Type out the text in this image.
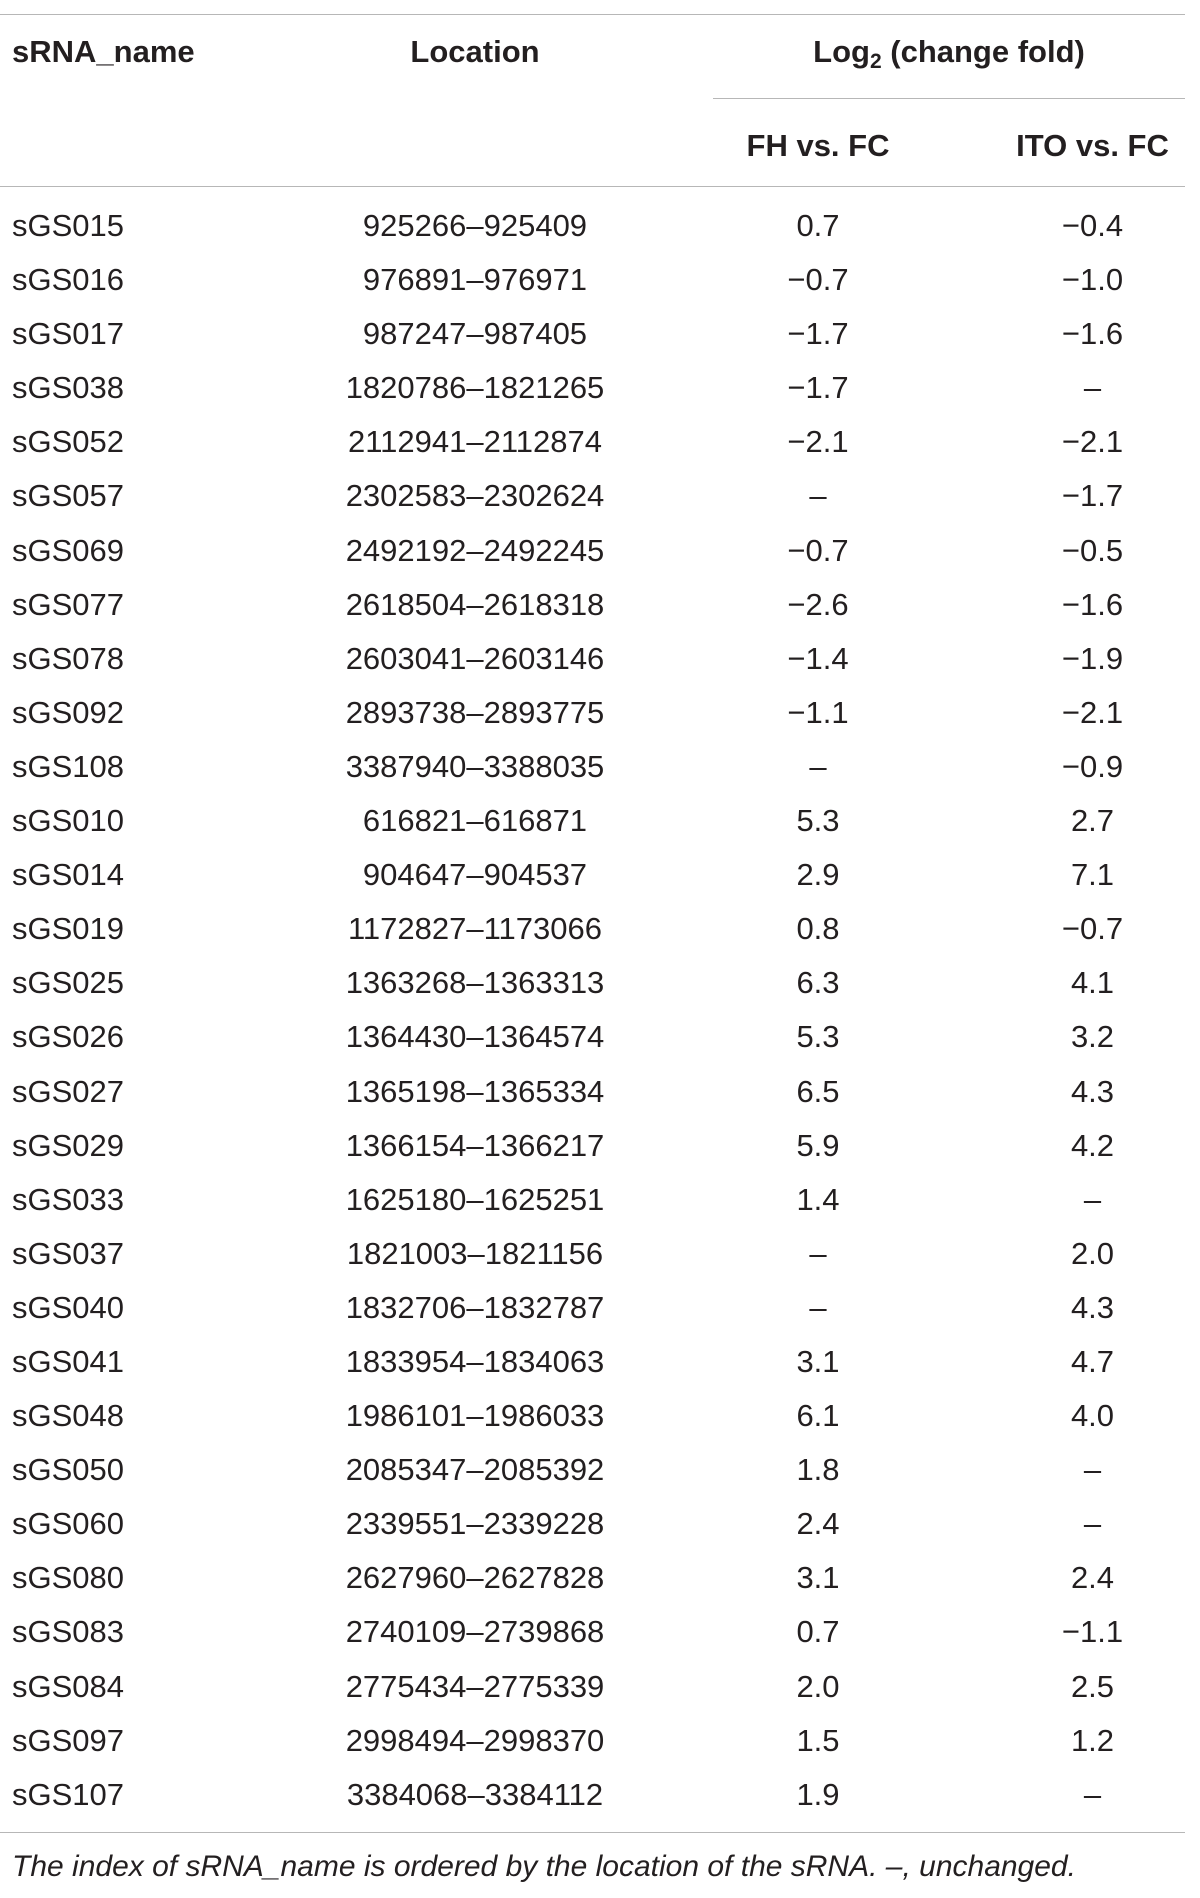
sRNA_name	Location	Log$_2$ (change fold)
FH vs. FC	ITO vs. FC
sGS015	925266–925409	0.7	−0.4
sGS016	976891–976971	−0.7	−1.0
sGS017	987247–987405	−1.7	−1.6
sGS038	1820786–1821265	−1.7	–
sGS052	2112941–2112874	−2.1	−2.1
sGS057	2302583–2302624	–	−1.7
sGS069	2492192–2492245	−0.7	−0.5
sGS077	2618504–2618318	−2.6	−1.6
sGS078	2603041–2603146	−1.4	−1.9
sGS092	2893738–2893775	−1.1	−2.1
sGS108	3387940–3388035	–	−0.9
sGS010	616821–616871	5.3	2.7
sGS014	904647–904537	2.9	7.1
sGS019	1172827–1173066	0.8	−0.7
sGS025	1363268–1363313	6.3	4.1
sGS026	1364430–1364574	5.3	3.2
sGS027	1365198–1365334	6.5	4.3
sGS029	1366154–1366217	5.9	4.2
sGS033	1625180–1625251	1.4	–
sGS037	1821003–1821156	–	2.0
sGS040	1832706–1832787	–	4.3
sGS041	1833954–1834063	3.1	4.7
sGS048	1986101–1986033	6.1	4.0
sGS050	2085347–2085392	1.8	–
sGS060	2339551–2339228	2.4	–
sGS080	2627960–2627828	3.1	2.4
sGS083	2740109–2739868	0.7	−1.1
sGS084	2775434–2775339	2.0	2.5
sGS097	2998494–2998370	1.5	1.2
sGS107	3384068–3384112	1.9	–
The index of sRNA_name is ordered by the location of the sRNA. –, unchanged.
